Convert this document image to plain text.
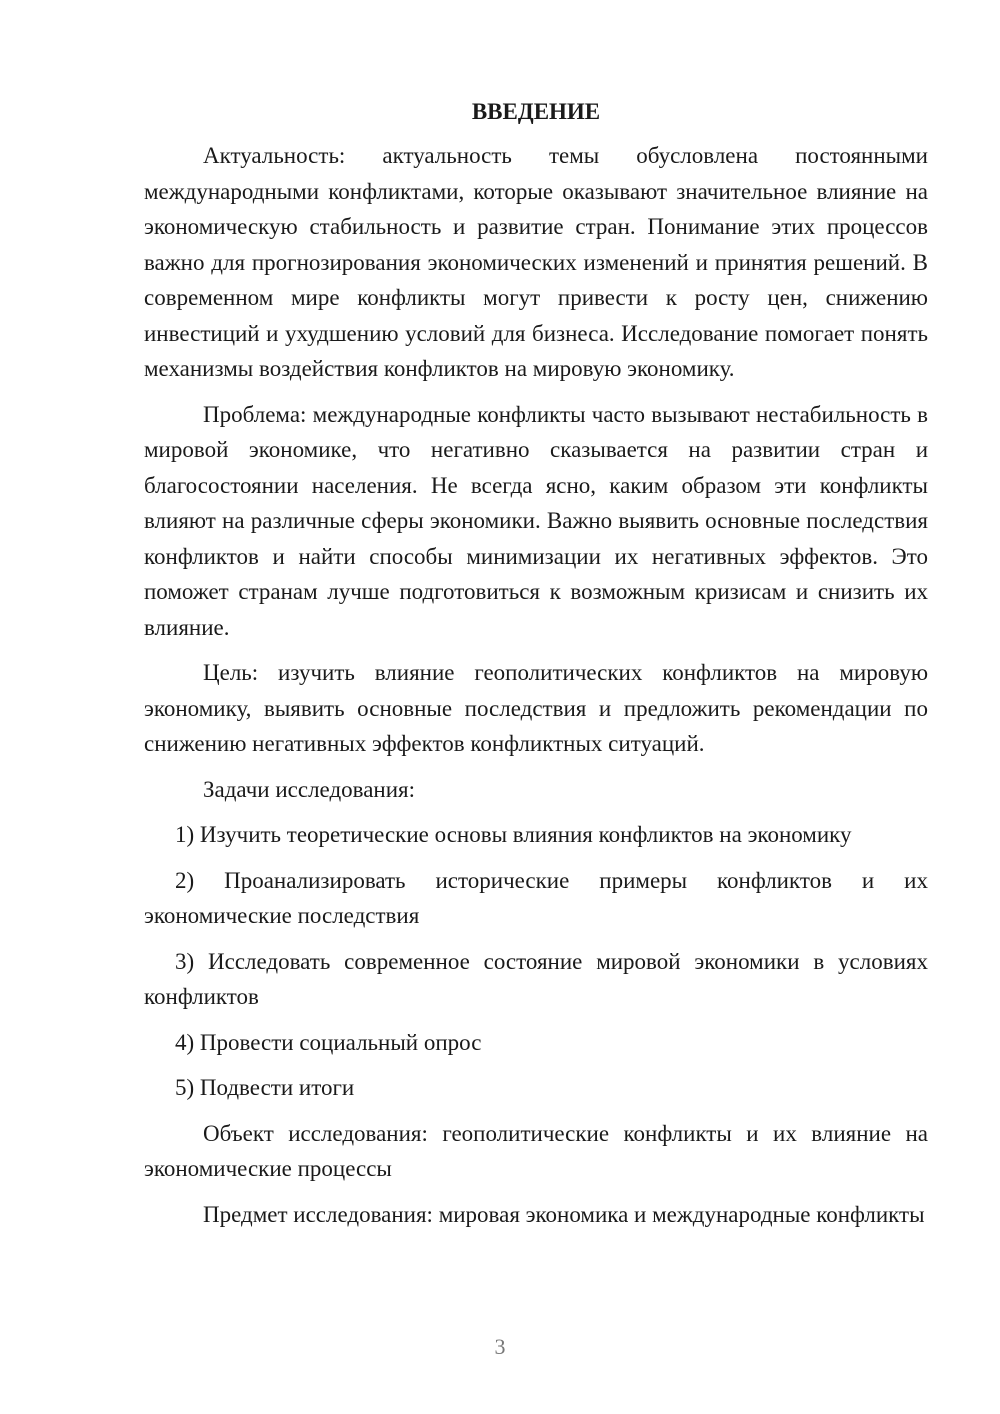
ВВЕДЕНИЕ
Актуальность: актуальность темы обусловлена постоянными международными конфликтами, которые оказывают значительное влияние на экономическую стабильность и развитие стран. Понимание этих процессов важно для прогнозирования экономических изменений и принятия решений. В современном мире конфликты могут привести к росту цен, снижению инвестиций и ухудшению условий для бизнеса. Исследование помогает понять механизмы воздействия конфликтов на мировую экономику.
Проблема: международные конфликты часто вызывают нестабильность в мировой экономике, что негативно сказывается на развитии стран и благосостоянии населения. Не всегда ясно, каким образом эти конфликты влияют на различные сферы экономики. Важно выявить основные последствия конфликтов и найти способы минимизации их негативных эффектов. Это поможет странам лучше подготовиться к возможным кризисам и снизить их влияние.
Цель: изучить влияние геополитических конфликтов на мировую экономику, выявить основные последствия и предложить рекомендации по снижению негативных эффектов конфликтных ситуаций.
Задачи исследования:
1) Изучить теоретические основы влияния конфликтов на экономику
2) Проанализировать исторические примеры конфликтов и их экономические последствия
3) Исследовать современное состояние мировой экономики в условиях конфликтов
4) Провести социальный опрос
5) Подвести итоги
Объект исследования: геополитические конфликты и их влияние на экономические процессы
Предмет исследования: мировая экономика и международные конфликты
3
